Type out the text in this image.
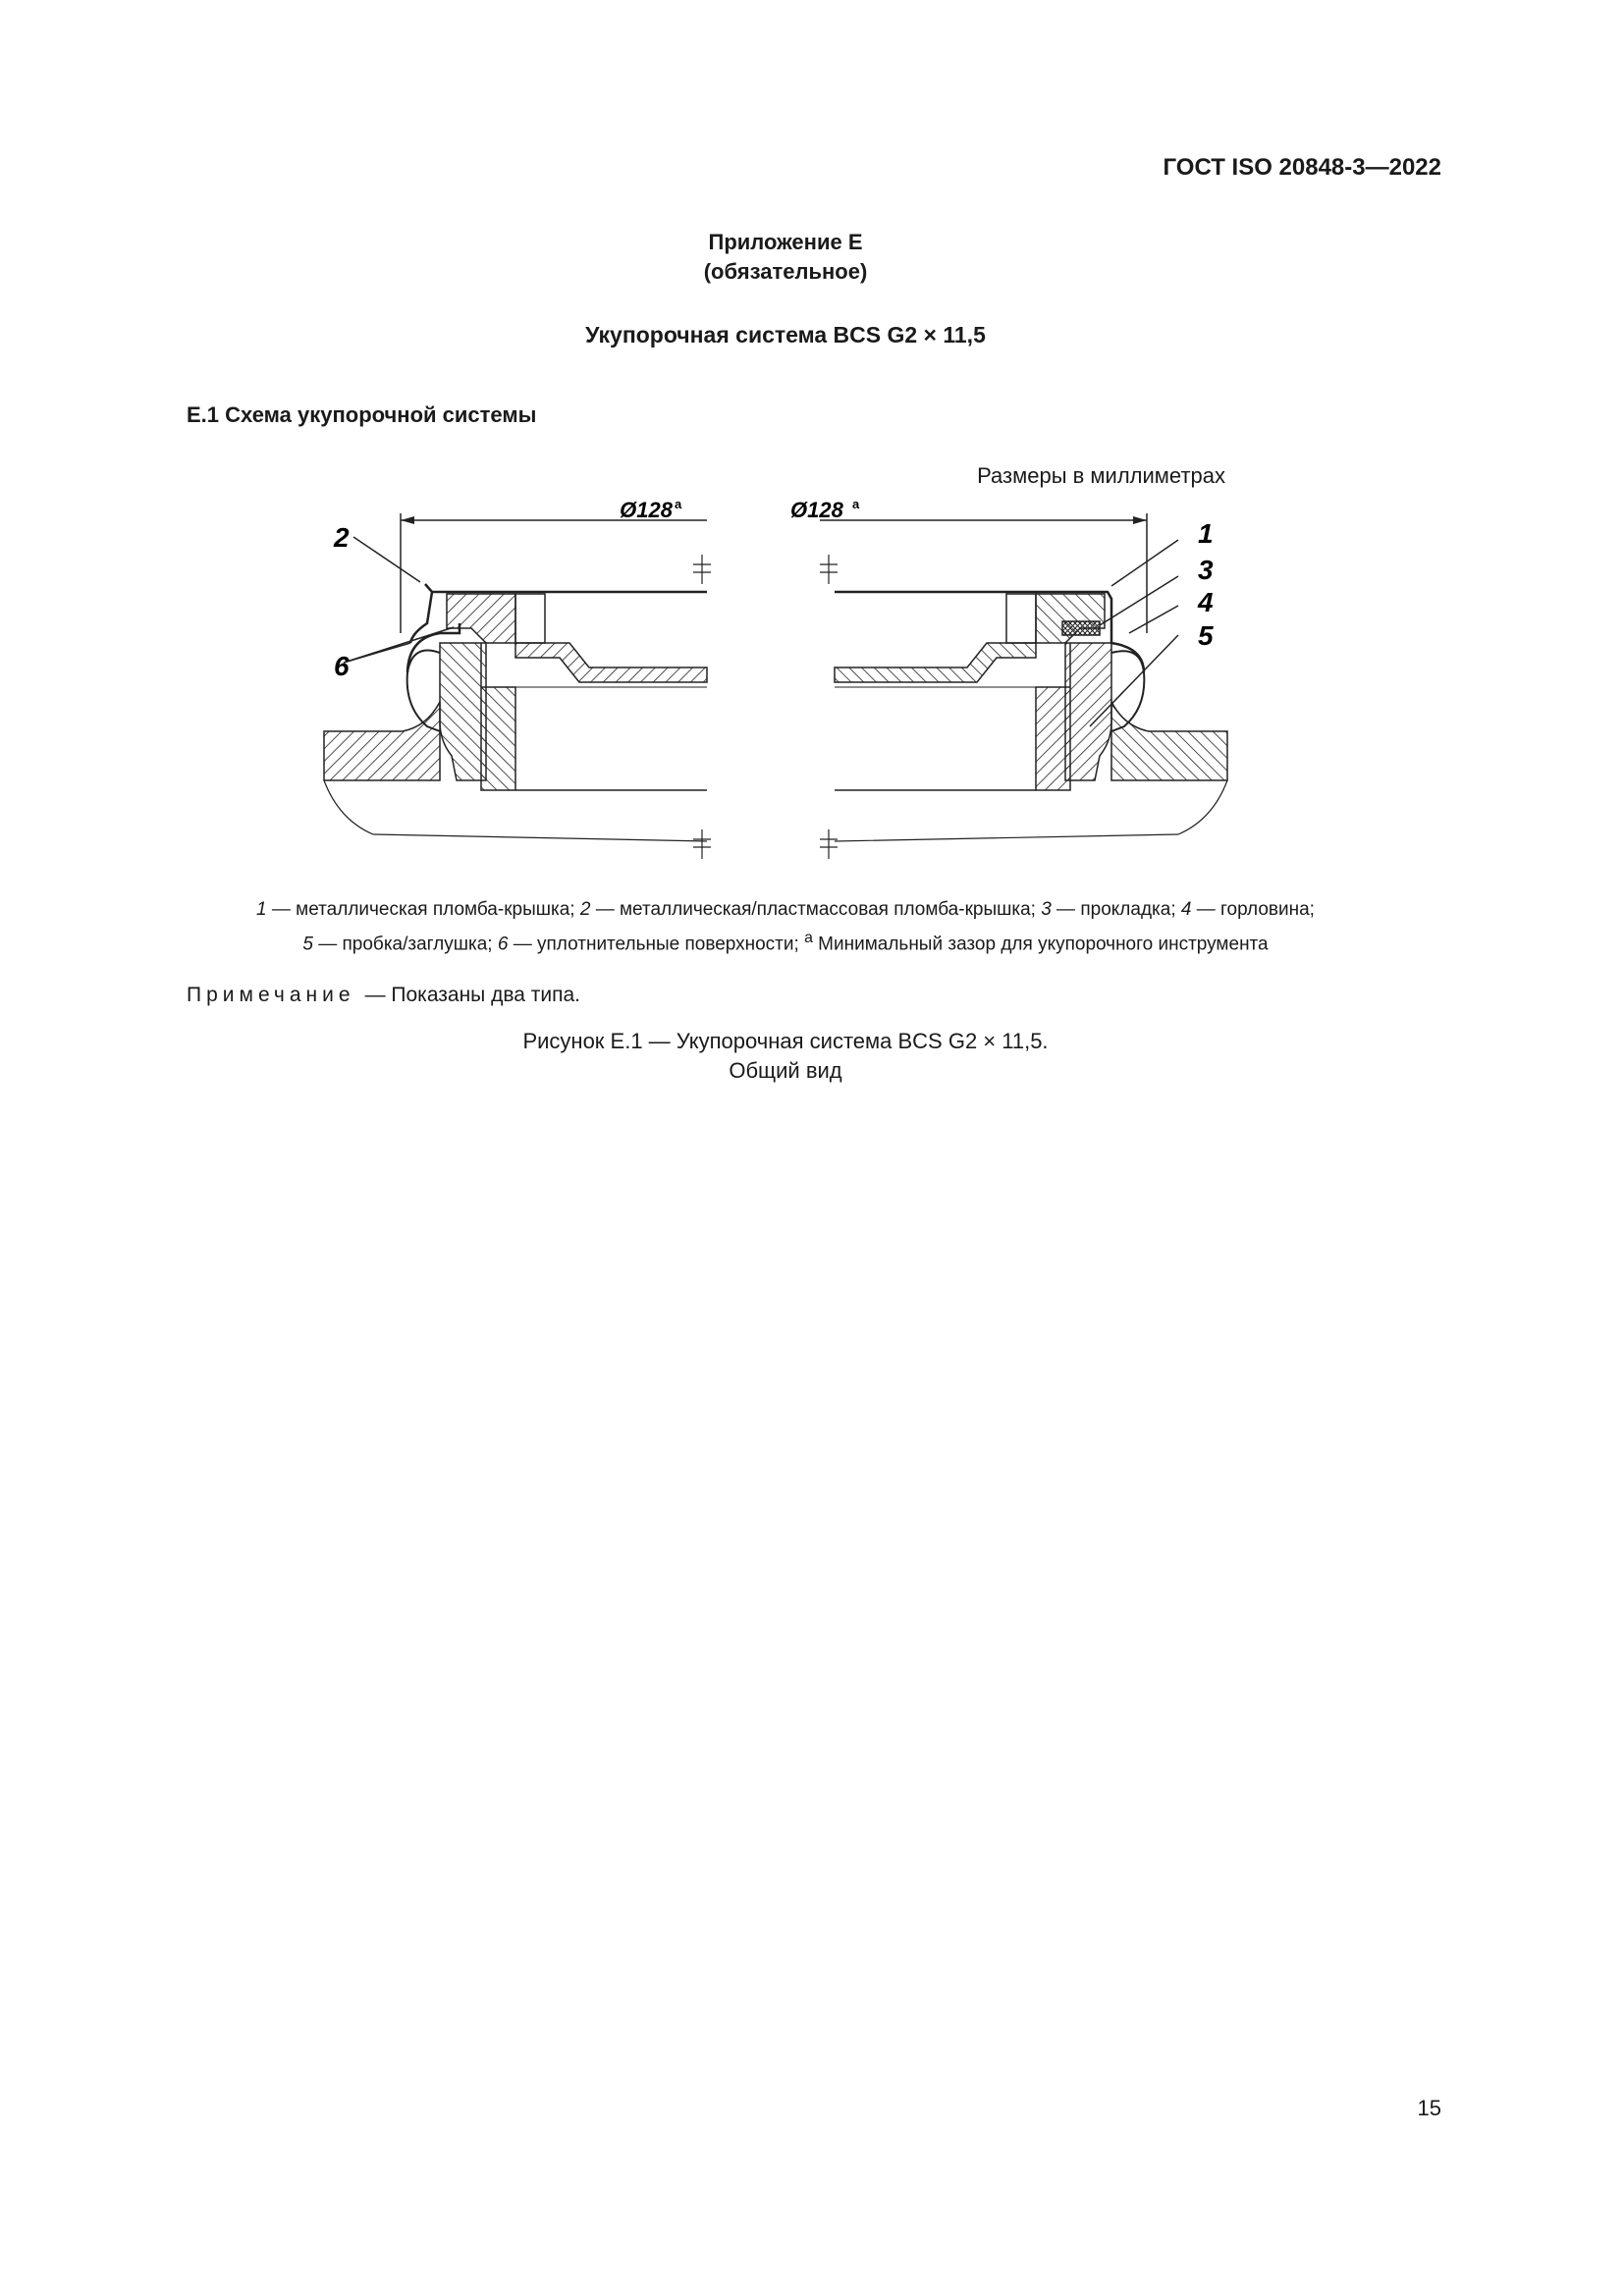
ГОСТ ISO 20848-3—2022
Приложение Е
(обязательное)
Укупорочная система BCS G2 × 11,5
Е.1 Схема укупорочной системы
Размеры в миллиметрах
Ø128 a	Ø128 a
2
6
1
3
4
5
1 — металлическая пломба-крышка; 2 — металлическая/пластмассовая пломба-крышка; 3 — прокладка; 4 — горловина;
5 — пробка/заглушка; 6 — уплотнительные поверхности; $^a$ Минимальный зазор для укупорочного инструмента
Примечание — Показаны два типа.
Рисунок Е.1 — Укупорочная система BCS G2 × 11,5.
Общий вид
15
